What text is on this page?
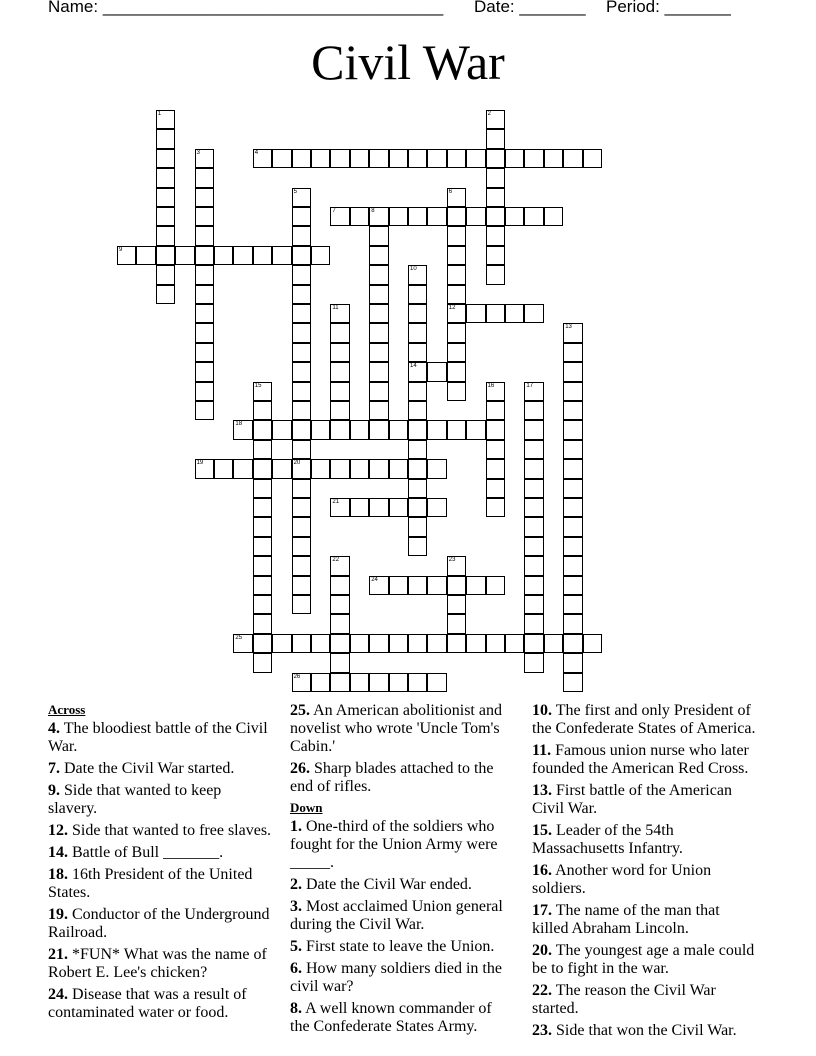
Name: ____________________________________ Date: _______ Period: _______
Civil War
1	2
3	4
5
20
6
12
7	8
9
10
14
11
13
15	16	17
18
19
21
22	23
24
25
26
Across
4. The bloodiest battle of the Civil War.
7. Date the Civil War started.
9. Side that wanted to keep slavery.
12. Side that wanted to free slaves.
14. Battle of Bull _______.
18. 16th President of the United States.
19. Conductor of the Underground Railroad.
21. *FUN* What was the name of Robert E. Lee's chicken?
24. Disease that was a result of contaminated water or food.
25. An American abolitionist and novelist who wrote 'Uncle Tom's Cabin.'
26. Sharp blades attached to the end of rifles.
Down
1. One-third of the soldiers who fought for the Union Army were _____.
2. Date the Civil War ended.
3. Most acclaimed Union general during the Civil War.
5. First state to leave the Union.
6. How many soldiers died in the civil war?
8. A well known commander of the Confederate States Army.
10. The first and only President of the Confederate States of America.
11. Famous union nurse who later founded the American Red Cross.
13. First battle of the American Civil War.
15. Leader of the 54th Massachusetts Infantry.
16. Another word for Union soldiers.
17. The name of the man that killed Abraham Lincoln.
20. The youngest age a male could be to fight in the war.
22. The reason the Civil War started.
23. Side that won the Civil War.
